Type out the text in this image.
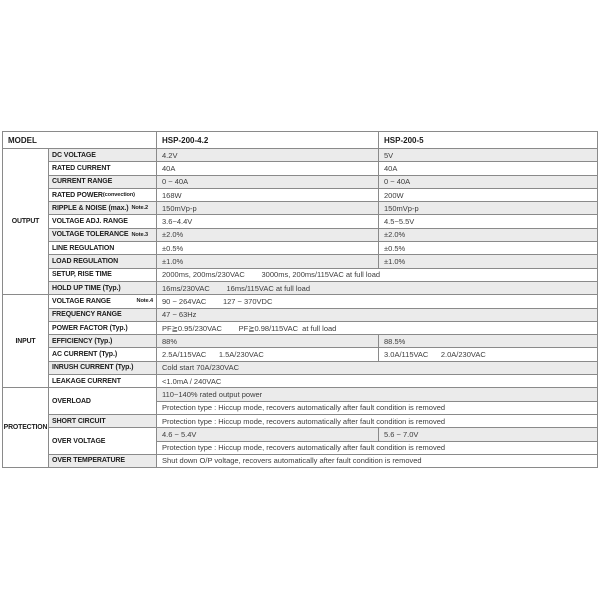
MODEL		HSP-200-4.2	HSP-200-5
OUTPUT	DC VOLTAGE	4.2V	5V

	RATED CURRENT	40A	40A

	CURRENT RANGE	0 ~ 40A	0 ~ 40A

	RATED POWER (convection)	168W	200W

	RIPPLE & NOISE (max.) Note.2	150mVp-p	150mVp-p

	VOLTAGE ADJ. RANGE	3.6~4.4V	4.5~5.5V

	VOLTAGE TOLERANCE Note.3	±2.0%	±2.0%

	LINE REGULATION	±0.5%	±0.5%

	LOAD REGULATION	±1.0%	±1.0%

	SETUP, RISE TIME	2000ms, 200ms/230VAC        3000ms, 200ms/115VAC at full load	

	HOLD UP TIME (Typ.)	16ms/230VAC        16ms/115VAC at full load	
INPUT	VOLTAGE RANGE Note.4	90 ~ 264VAC        127 ~ 370VDC	

	FREQUENCY RANGE	47 ~ 63Hz	

	POWER FACTOR (Typ.)	PF≧0.95/230VAC        PF≧0.98/115VAC  at full load	

	EFFICIENCY (Typ.)	88%	88.5%

	AC CURRENT (Typ.)	2.5A/115VAC      1.5A/230VAC	3.0A/115VAC      2.0A/230VAC

	INRUSH CURRENT (Typ.)	Cold start 70A/230VAC	

	LEAKAGE CURRENT	<1.0mA / 240VAC	
PROTECTION	OVERLOAD	110~140% rated output power	
		Protection type : Hiccup mode, recovers automatically after fault condition is removed	

	SHORT CIRCUIT	Protection type : Hiccup mode, recovers automatically after fault condition is removed	

	OVER VOLTAGE	4.6 ~ 5.4V	5.6 ~ 7.0V
		Protection type : Hiccup mode, recovers automatically after fault condition is removed	

	OVER TEMPERATURE	Shut down O/P voltage, recovers automatically after fault condition is removed	
